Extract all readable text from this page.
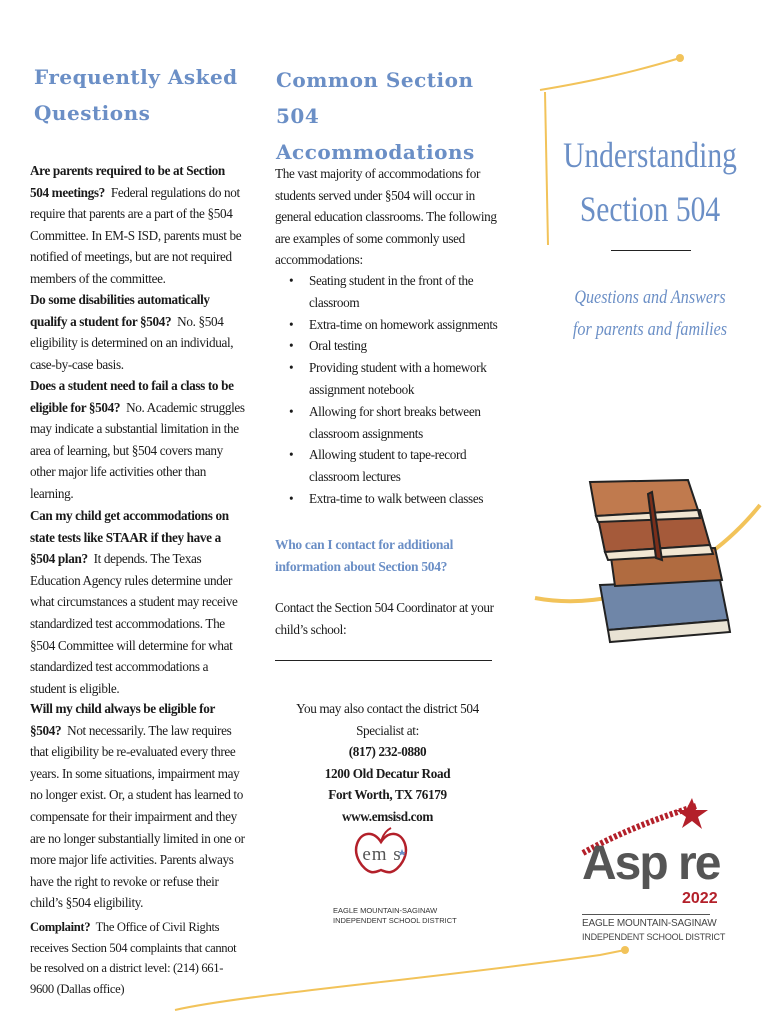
Frequently Asked
Questions

Are parents required to be at Section 504 meetings? Federal regulations do not require that parents are a part of the §504 Committee. In EM-S ISD, parents must be notified of meetings, but are not required members of the committee.

Do some disabilities automatically qualify a student for §504? No. §504 eligibility is determined on an individual, case-by-case basis.

Does a student need to fail a class to be eligible for §504? No. Academic struggles may indicate a substantial limitation in the area of learning, but §504 covers many other major life activities other than learning.

Can my child get accommodations on state tests like STAAR if they have a §504 plan? It depends. The Texas Education Agency rules determine under what circumstances a student may receive standardized test accommodations. The §504 Committee will determine for what standardized test accommodations a student is eligible.

Will my child always be eligible for §504? Not necessarily. The law requires that eligibility be re-evaluated every three years. In some situations, impairment may no longer exist. Or, a student has learned to compensate for their impairment and they are no longer substantially limited in one or more major life activities. Parents always have the right to revoke or refuse their child’s §504 eligibility.

Complaint? The Office of Civil Rights receives Section 504 complaints that cannot be resolved on a district level: (214) 661-9600 (Dallas office)

Common Section 504
Accommodations
The vast majority of accommodations for students served under §504 will occur in general education classrooms. The following are examples of some commonly used accommodations:
• Seating student in the front of the classroom
• Extra-time on homework assignments
• Oral testing
• Providing student with a homework assignment notebook
• Allowing for short breaks between classroom assignments
• Allowing student to tape-record classroom lectures
• Extra-time to walk between classes
Who can I contact for additional information about Section 504?
Contact the Section 504 Coordinator at your child’s school:
You may also contact the district 504 Specialist at:
(817) 232-0880
1200 Old Decatur Road
Fort Worth, TX 76179
www.emsisd.com
em s
EAGLE MOUNTAIN-SAGINAW
INDEPENDENT SCHOOL DISTRICT
Understanding
Section 504
Questions and Answers
for parents and families
Asp re
2022
EAGLE MOUNTAIN-SAGINAW
INDEPENDENT SCHOOL DISTRICT
